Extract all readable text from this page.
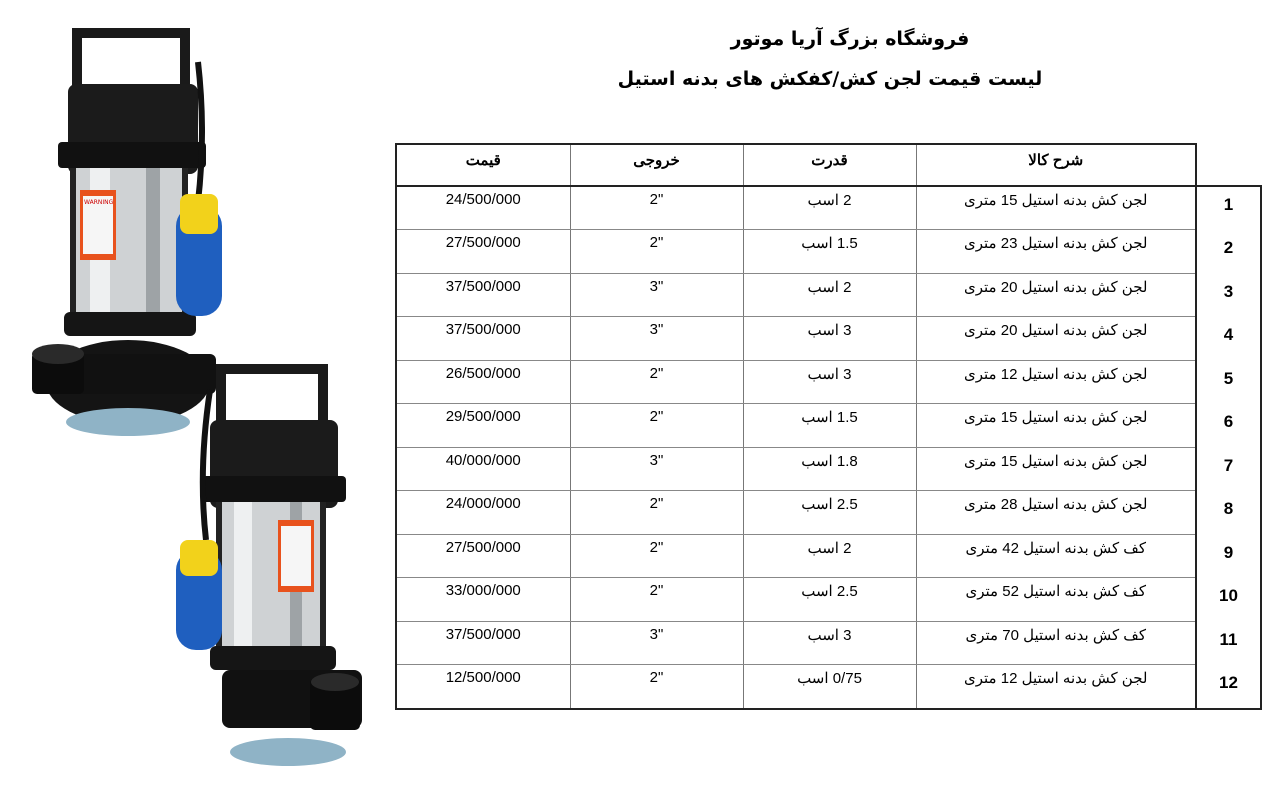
فروشگاه بزرگ آریا موتور
لیست قیمت لجن کش/کفکش های بدنه استیل
WARNING
قیمت	خروجی	قدرت	شرح کالا	
24/500/000	2"	2 اسب	لجن کش بدنه استیل 15 متری	1
27/500/000	2"	1.5 اسب	لجن کش بدنه استیل 23 متری	2
37/500/000	3"	2 اسب	لجن کش بدنه استیل 20 متری	3
37/500/000	3"	3 اسب	لجن کش بدنه استیل 20 متری	4
26/500/000	2"	3 اسب	لجن کش بدنه استیل 12 متری	5
29/500/000	2"	1.5 اسب	لجن کش بدنه استیل 15 متری	6
40/000/000	3"	1.8 اسب	لجن کش بدنه استیل 15 متری	7
24/000/000	2"	2.5 اسب	لجن کش بدنه استیل 28 متری	8
27/500/000	2"	2 اسب	کف کش بدنه استیل 42 متری	9
33/000/000	2"	2.5 اسب	کف کش بدنه استیل 52 متری	10
37/500/000	3"	3 اسب	کف کش بدنه استیل 70 متری	11
12/500/000	2"	0/75 اسب	لجن کش بدنه استیل 12 متری	12
